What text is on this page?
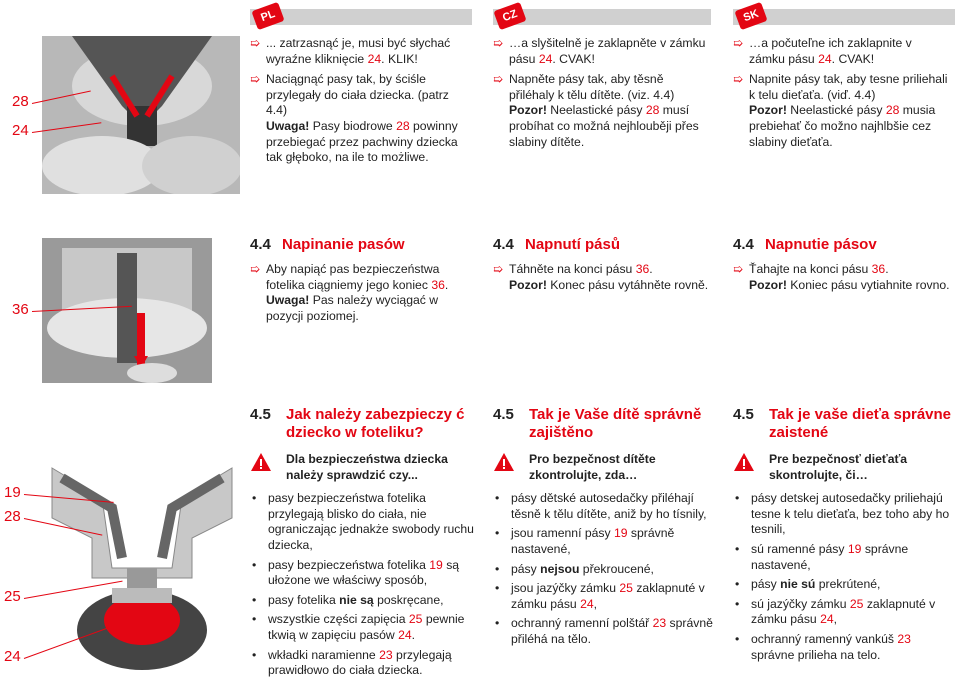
PL	CZ	SK
28
24
➯ ... zatrzasnąć je, musi być słychać wyraźne kliknięcie 24. KLIK!
➯ Naciągnąć pasy tak, by ściśle przylegały do ciała dziecka. (patrz 4.4)
Uwaga! Pasy biodrowe 28 powinny przebiegać przez pachwiny dziecka tak głęboko, na ile to możliwe.
➯ …a slyšitelně je zaklapněte v zámku pásu 24. CVAK!
➯ Napněte pásy tak, aby těsně přiléhaly k tělu dítěte. (viz. 4.4)
Pozor! Neelastické pásy 28 musí probíhat co možná nejhlouběji přes slabiny dítěte.
➯ …a počuteľne ich zaklapnite v zámku pásu 24. CVAK!
➯ Napnite pásy tak, aby tesne priliehali k telu dieťaťa. (viď. 4.4)
Pozor! Neelastické pásy 28 musia prebiehať čo možno najhlbšie cez slabiny dieťaťa.
36
4.4 Napinanie pasów
➯ Aby napiąć pas bezpieczeństwa fotelika ciągniemy jego koniec 36.
Uwaga! Pas należy wyciągać w pozycji poziomej.
4.4 Napnutí pásů
➯ Táhněte na konci pásu 36.
Pozor! Konec pásu vytáhněte rovně.
4.4 Napnutie pásov
➯ Ťahajte na konci pásu 36.
Pozor! Koniec pásu vytiahnite rovno.
19
28
25
24
4.5	Jak należy zabezpieczy ć dziecko w foteliku?
Dla bezpieczeństwa dziecka należy sprawdzić czy...
• pasy bezpieczeństwa fotelika przylegają blisko do ciała, nie ograniczając jednakże swobody ruchu dziecka,
• pasy bezpieczeństwa fotelika 19 są ułożone we właściwy sposób,
• pasy fotelika nie są poskręcane,
• wszystkie części zapięcia 25 pewnie tkwią w zapięciu pasów 24.
• wkładki naramienne 23 przylegają prawidłowo do ciała dziecka.
4.5	Tak je Vaše dítě správně zajištěno
Pro bezpečnost dítěte zkontrolujte, zda…
• pásy dětské autosedačky přiléhají těsně k tělu dítěte, aniž by ho tísnily,
• jsou ramenní pásy 19 správně nastavené,
• pásy nejsou překroucené,
• jsou jazýčky zámku 25 zaklapnuté v zámku pásu 24,
• ochranný ramenní polštář 23 správně přiléhá na tělo.
4.5	Tak je vaše dieťa správne zaistené
Pre bezpečnosť dieťaťa skontrolujte, či…
• pásy detskej autosedačky priliehajú tesne k telu dieťaťa, bez toho aby ho tesnili,
• sú ramenné pásy 19 správne nastavené,
• pásy nie sú prekrútené,
• sú jazýčky zámku 25 zaklapnuté v zámku pásu 24,
• ochranný ramenný vankúš 23 správne prilieha na telo.
